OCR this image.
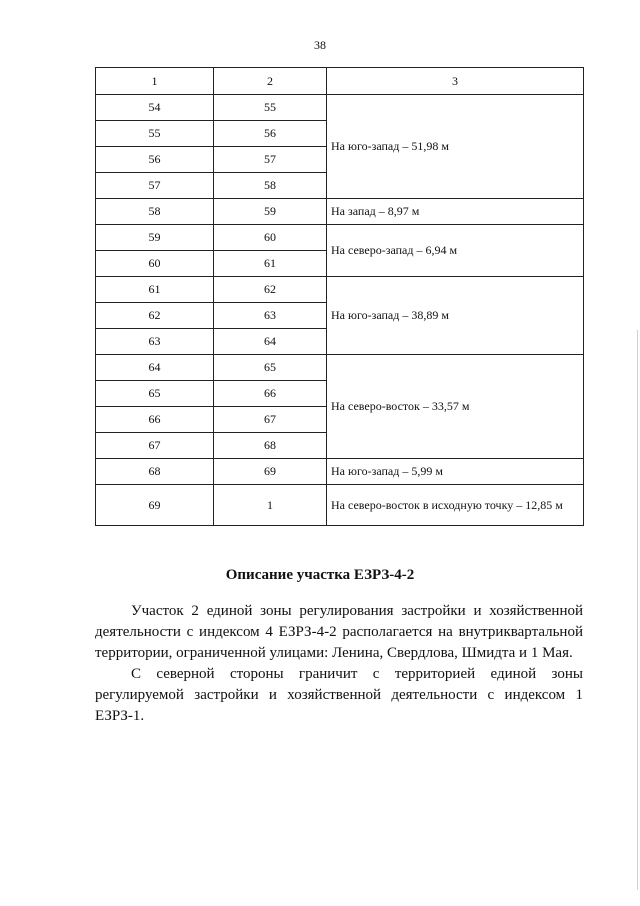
38
1	2	3
54	55	На юго-запад – 51,98 м
55	56	
56	57	
57	58	
58	59	На запад – 8,97 м
59	60	На северо-запад – 6,94 м
60	61	
61	62	На юго-запад – 38,89 м
62	63	
63	64	
64	65	На северо-восток – 33,57 м
65	66	
66	67	
67	68	
68	69	На юго-запад – 5,99 м
69	1	На северо-восток в исходную точку – 12,85 м
Описание участка ЕЗРЗ-4-2

Участок 2 единой зоны регулирования застройки и хозяйственной деятельности с индексом 4 ЕЗРЗ-4-2 располагается на внутриквартальной территории, ограниченной улицами: Ленина, Свердлова, Шмидта и 1 Мая.

С северной стороны граничит с территорией единой зоны регулируемой застройки и хозяйственной деятельности с индексом 1 ЕЗРЗ-1.
